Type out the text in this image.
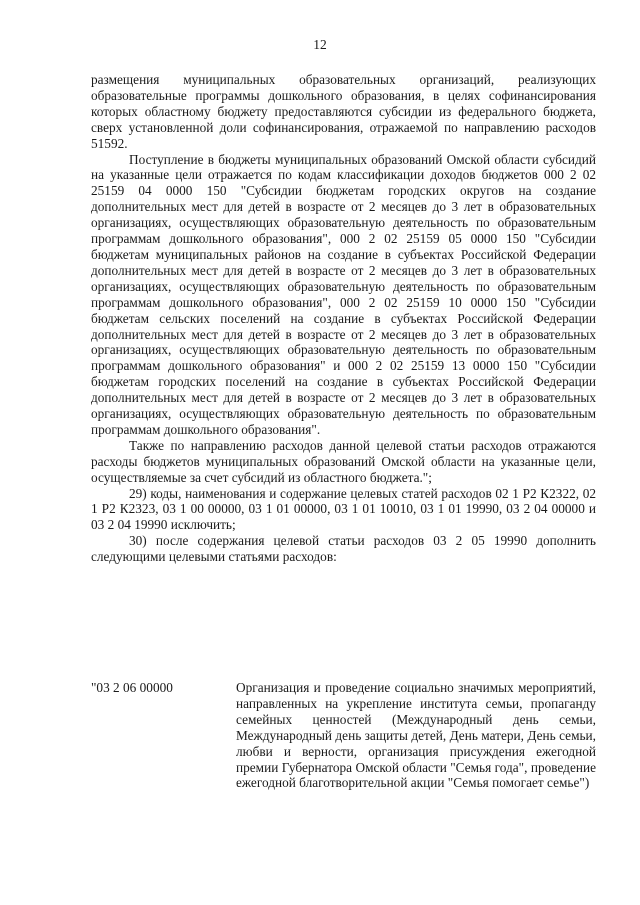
12

размещения муниципальных образовательных организаций, реализующих образовательные программы дошкольного образования, в целях софинансирования которых областному бюджету предоставляются субсидии из федерального бюджета, сверх установленной доли софинансирования, отражаемой по направлению расходов 51592.

Поступление в бюджеты муниципальных образований Омской области субсидий на указанные цели отражается по кодам классификации доходов бюджетов 000 2 02 25159 04 0000 150 "Субсидии бюджетам городских округов на создание дополнительных мест для детей в возрасте от 2 месяцев до 3 лет в образовательных организациях, осуществляющих образовательную деятельность по образовательным программам дошкольного образования", 000 2 02 25159 05 0000 150 "Субсидии бюджетам муниципальных районов на создание в субъектах Российской Федерации дополнительных мест для детей в возрасте от 2 месяцев до 3 лет в образовательных организациях, осуществляющих образовательную деятельность по образовательным программам дошкольного образования", 000 2 02 25159 10 0000 150 "Субсидии бюджетам сельских поселений на создание в субъектах Российской Федерации дополнительных мест для детей в возрасте от 2 месяцев до 3 лет в образовательных организациях, осуществляющих образовательную деятельность по образовательным программам дошкольного образования" и 000 2 02 25159 13 0000 150 "Субсидии бюджетам городских поселений на создание в субъектах Российской Федерации дополнительных мест для детей в возрасте от 2 месяцев до 3 лет в образовательных организациях, осуществляющих образовательную деятельность по образовательным программам дошкольного образования".

Также по направлению расходов данной целевой статьи расходов отражаются расходы бюджетов муниципальных образований Омской области на указанные цели, осуществляемые за счет субсидий из областного бюджета.";

29) коды, наименования и содержание целевых статей расходов 02 1 Р2 К2322, 02 1 Р2 К2323, 03 1 00 00000, 03 1 01 00000, 03 1 01 10010, 03 1 01 19990, 03 2 04 00000 и 03 2 04 19990 исключить;

30) после содержания целевой статьи расходов 03 2 05 19990 дополнить следующими целевыми статьями расходов:

"03 2 06 00000	Организация и проведение социально значимых мероприятий, направленных на укрепление института семьи, пропаганду семейных ценностей (Международный день семьи, Международный день защиты детей, День матери, День семьи, любви и верности, организация присуждения ежегодной премии Губернатора Омской области "Семья года", проведение ежегодной благотворительной акции "Семья помогает семье")
